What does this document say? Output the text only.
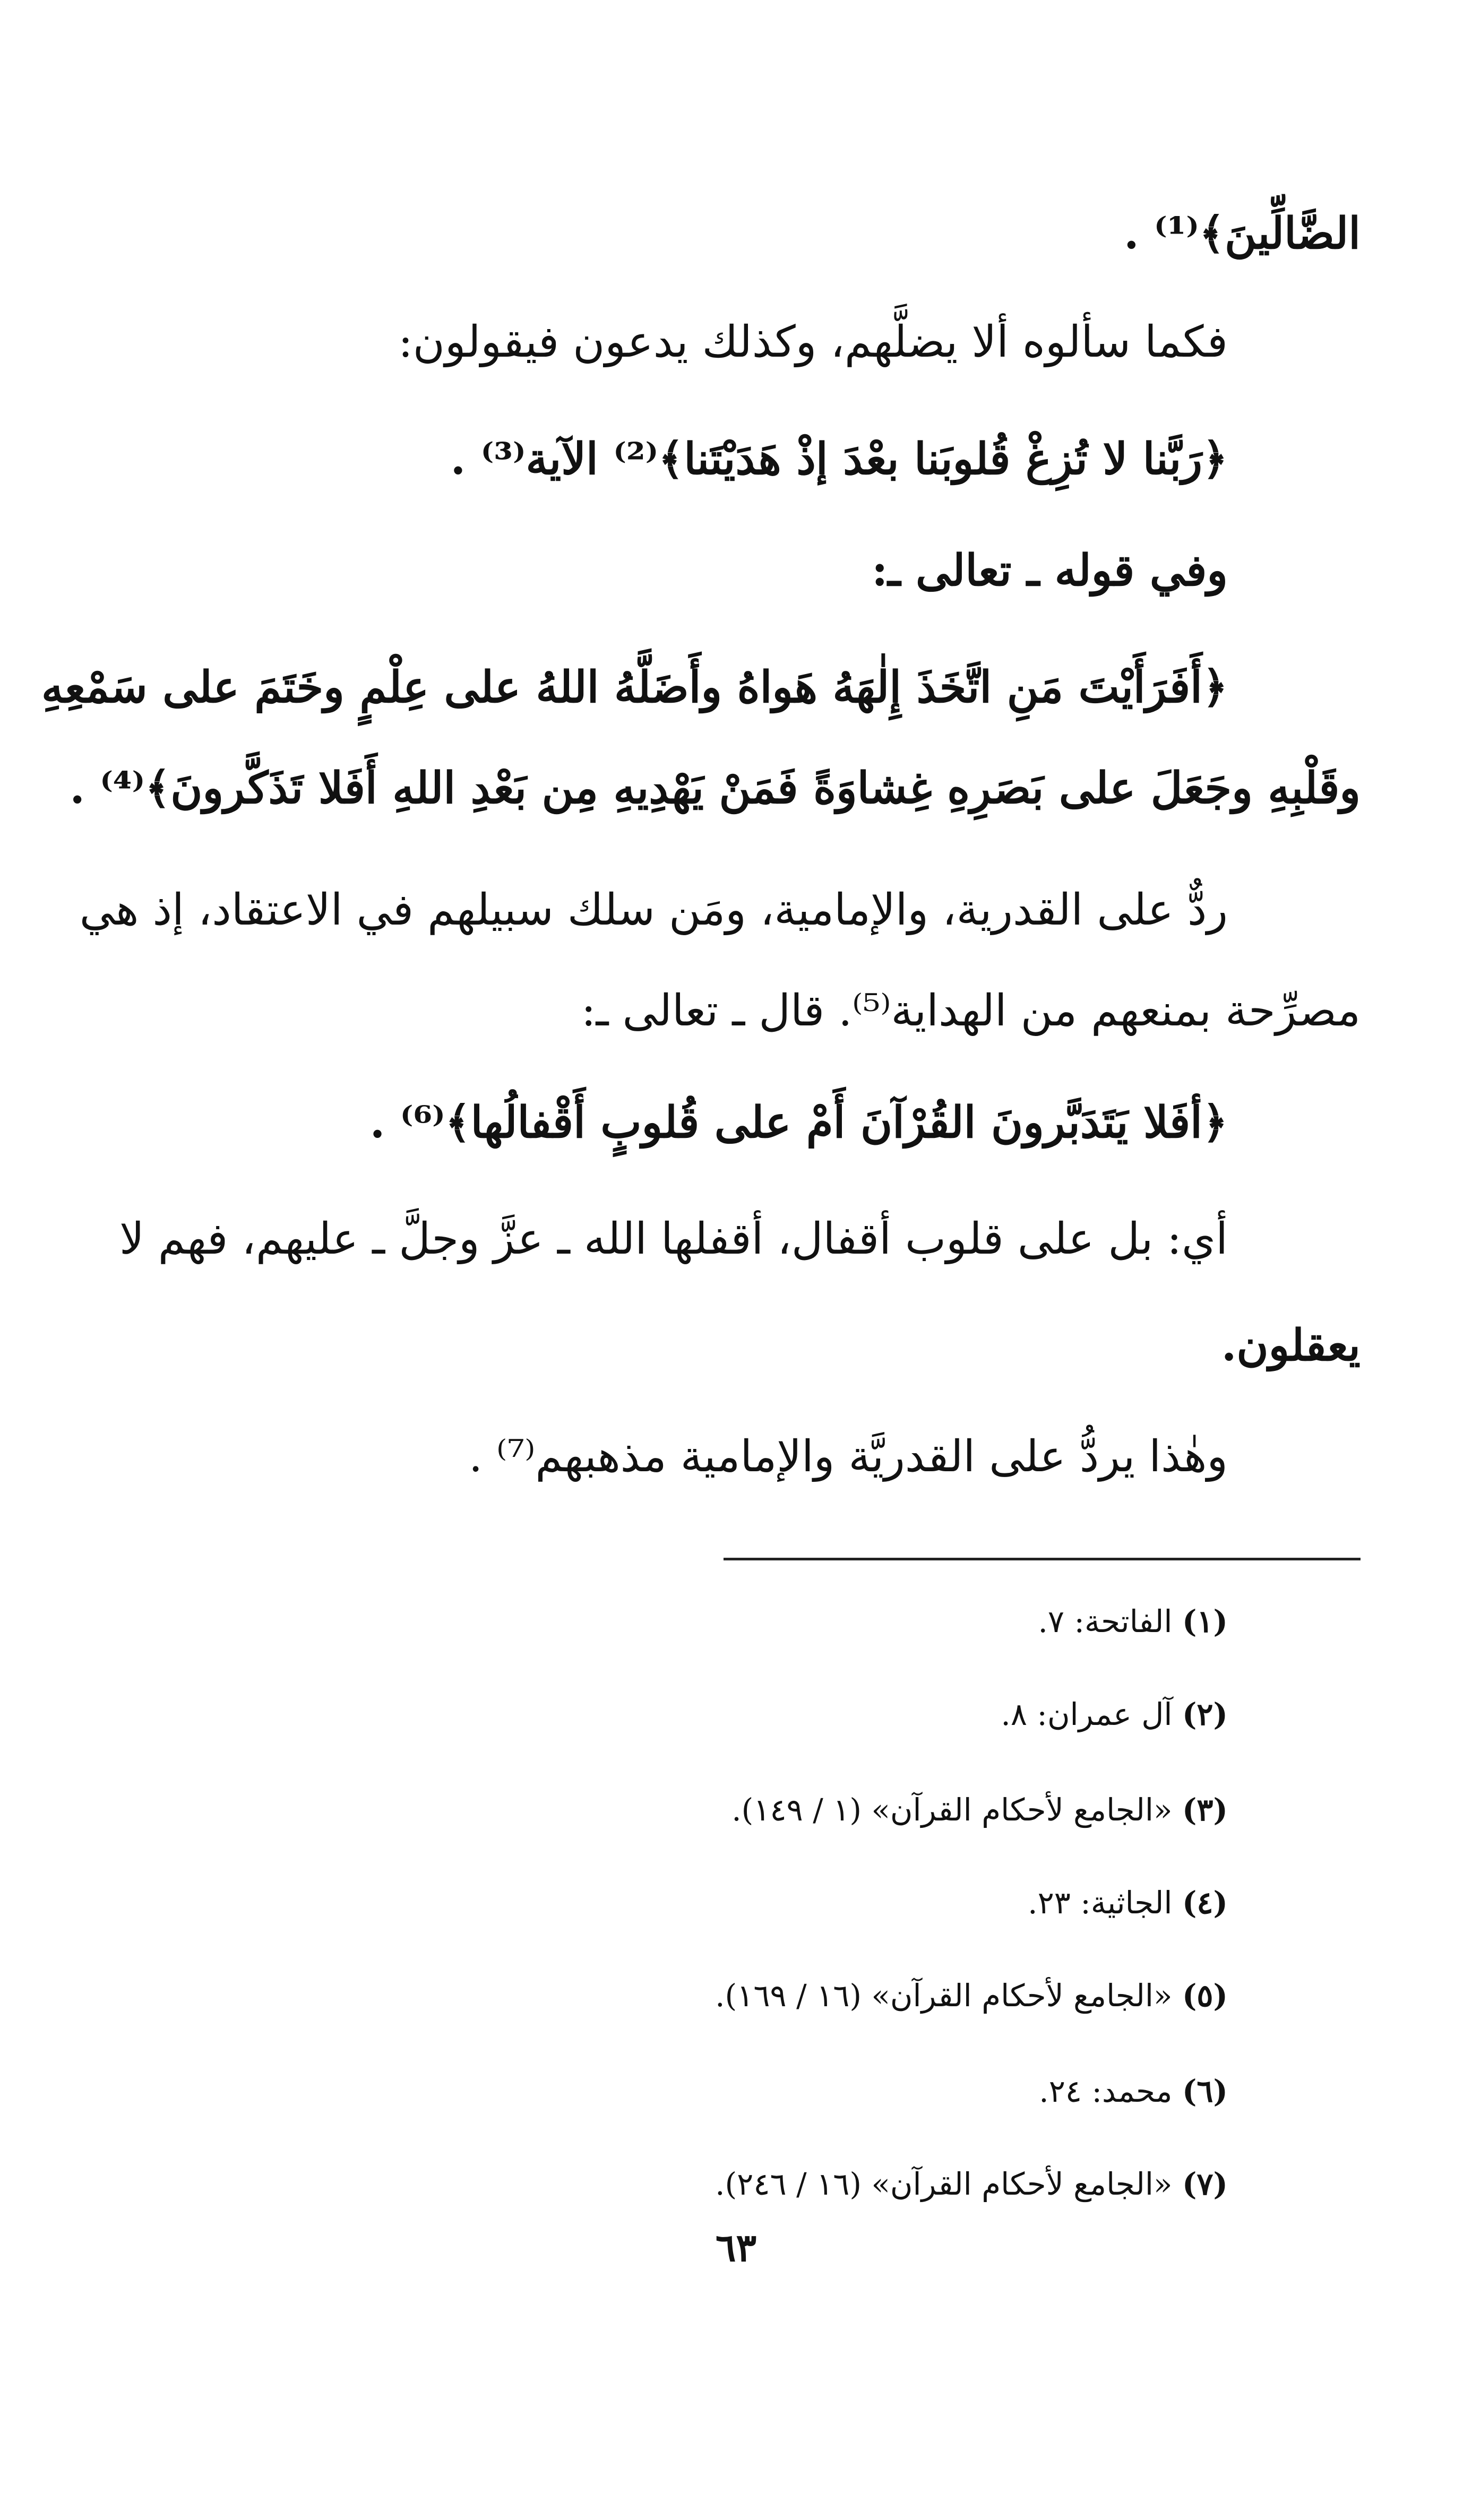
الضَّالِّينَ﴾⁽¹⁾ .
فكما سألوه ألا يضلَّهم، وكذلك يدعون فيقولون:
﴿رَبَّنا لا تُزِغْ قُلوبَنا بعْدَ إذْ هَدَيْتَنا﴾⁽²⁾ الآية⁽³⁾ .
وفي قوله ـ تعالى ـ:
﴿أَفَرَأَيْتَ مَنِ اتَّخَذَ إِلٰهَهُ هَواهُ وأَضَلَّهُ اللهُ على عِلْمٍ وخَتَمَ على سَمْعِهِ
وقَلْبِهِ وجَعَلَ على بَصَرِهِ غِشاوَةً فَمَنْ يَهْدِيهِ مِن بَعْدِ اللهِ أَفَلا تَذَكَّرونَ﴾⁽⁴⁾ .
ردٌّ على القدرية، والإمامية، ومَن سلك سبيلهم في الاعتقاد، إذ هي
مصرِّحة بمنعهم من الهداية⁽⁵⁾. قال ـ تعالى ـ:
﴿أفَلا يَتَدَبَّرونَ القُرْآنَ أَمْ على قُلوبٍ أَقْفالُها﴾⁽⁶⁾ .
أي: بل على قلوب أقفال، أقفلها الله ـ عزَّ وجلَّ ـ عليهم، فهم لا
يعقلون.
وهٰذا يردُّ على القدريَّة والإمامية مذهبهم⁽⁷⁾ .
(١) الفاتحة: ٧.
(٢) آل عمران: ٨.
(٣) «الجامع لأحكام القرآن» (١ / ١٤٩).
(٤) الجاثية: ٢٣.
(٥) «الجامع لأحكام القرآن» (١٦ / ١٦٩).
(٦) محمد: ٢٤.
(٧) «الجامع لأحكام القرآن» (١٦ / ٢٤٦).
٦٣
